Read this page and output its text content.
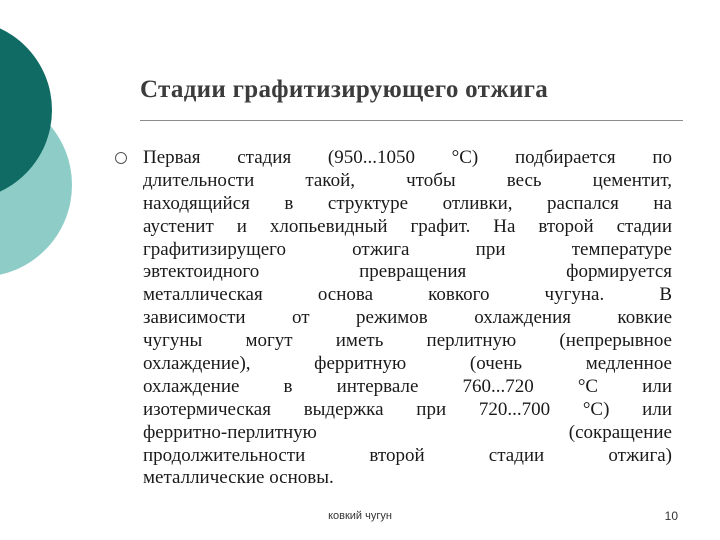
Стадии графитизирующего отжига
Первая стадия (950...1050 °С) подбирается по
длительности такой, чтобы весь цементит,
находящийся в структуре отливки, распался на
аустенит и хлопьевидный графит. На второй стадии
графитизирущего отжига при температуре
эвтектоидного превращения формируется
металлическая основа ковкого чугуна. В
зависимости от режимов охлаждения ковкие
чугуны могут иметь перлитную (непрерывное
охлаждение), ферритную (очень медленное
охлаждение в интервале 760...720 °С или
изотермическая выдержка при 720...700 °С) или
ферритно-перлитную (сокращение
продолжительности второй стадии отжига)
металлические основы.
ковкий чугун	10
